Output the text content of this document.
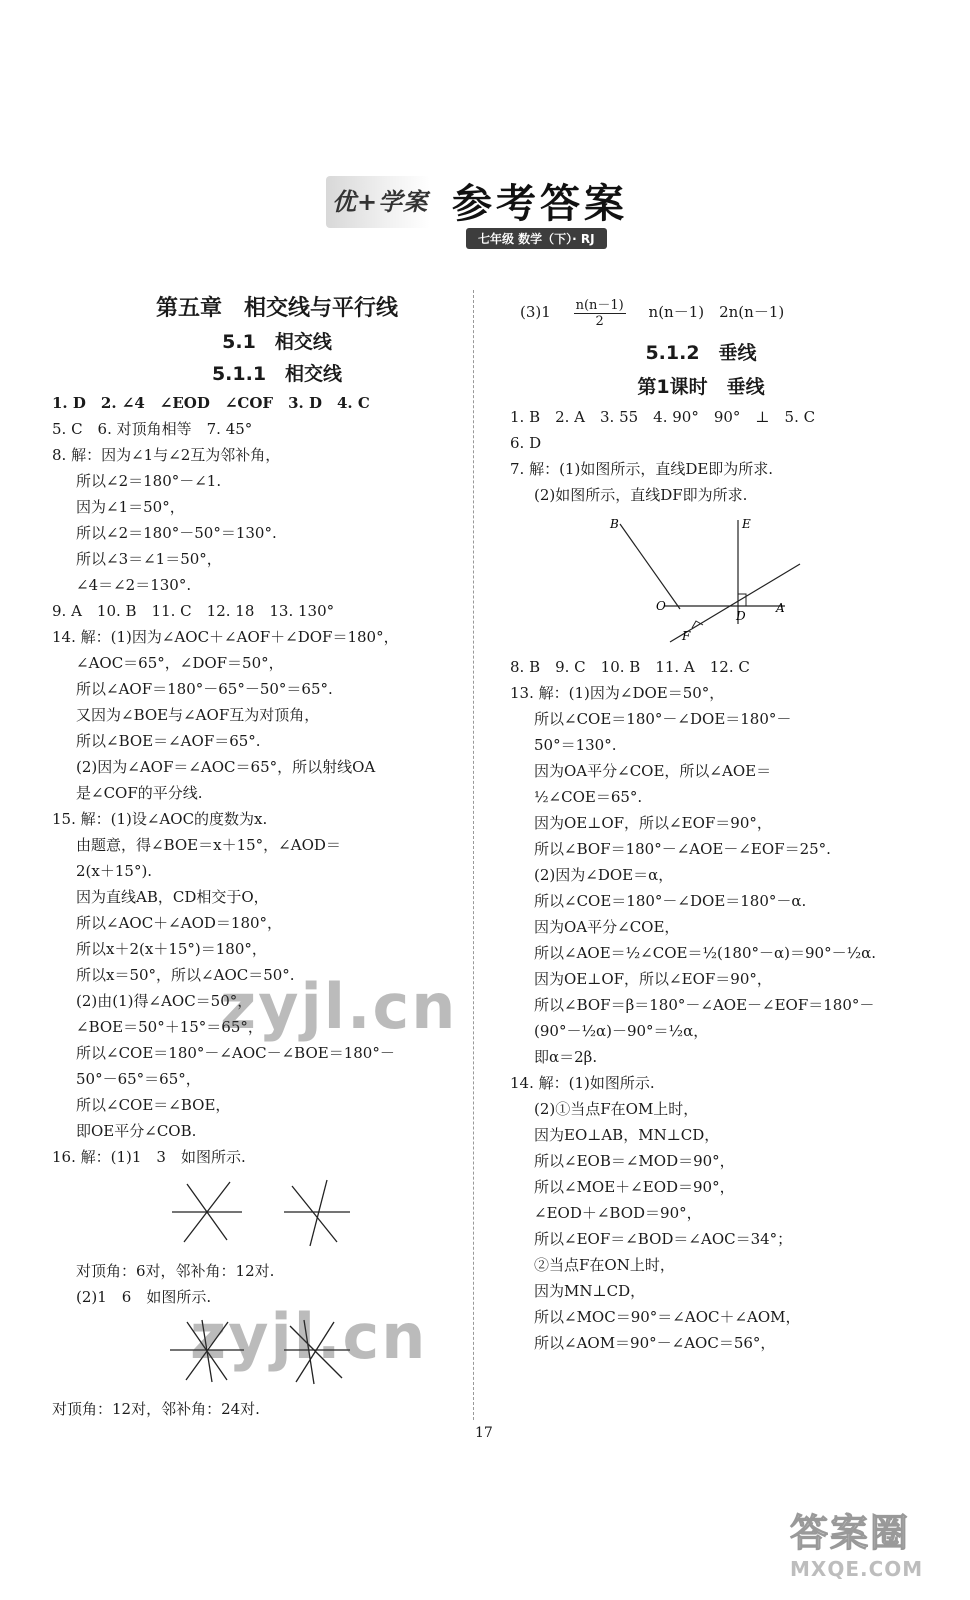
优+学案 参考答案
七年级 数学（下）· RJ
第五章　相交线与平行线
5.1　相交线
5.1.1　相交线
1. D　2. ∠4　∠EOD　∠COF　3. D　4. C
5. C　6. 对顶角相等　7. 45°
8. 解：因为∠1与∠2互为邻补角，
所以∠2＝180°－∠1.
因为∠1＝50°，
所以∠2＝180°－50°＝130°.
所以∠3＝∠1＝50°，
∠4＝∠2＝130°.
9. A　10. B　11. C　12. 18　13. 130°
14. 解：(1)因为∠AOC＋∠AOF＋∠DOF＝180°，
∠AOC＝65°，∠DOF＝50°，
所以∠AOF＝180°－65°－50°＝65°.
又因为∠BOE与∠AOF互为对顶角，
所以∠BOE＝∠AOF＝65°.
(2)因为∠AOF＝∠AOC＝65°，所以射线OA
是∠COF的平分线.
15. 解：(1)设∠AOC的度数为x.
由题意，得∠BOE＝x＋15°，∠AOD＝
2(x＋15°).
因为直线AB，CD相交于O，
所以∠AOC＋∠AOD＝180°，
所以x＋2(x＋15°)＝180°，
所以x＝50°，所以∠AOC＝50°.
(2)由(1)得∠AOC＝50°，
∠BOE＝50°＋15°＝65°，
所以∠COE＝180°－∠AOC－∠BOE＝180°－
50°－65°＝65°，
所以∠COE＝∠BOE，
即OE平分∠COB.
16. 解：(1)1　3　如图所示.
对顶角：6对，邻补角：12对.
(2)1　6　如图所示.
对顶角：12对，邻补角：24对.
$(3)1 \frac{n(n-1)}{2} n(n-1)$　2n(n－1)
5.1.2　垂线
第1课时　垂线
1. B　2. A　3. 55　4. 90°　90°　⊥　5. C
6. D
7. 解：(1)如图所示，直线DE即为所求.
(2)如图所示，直线DF即为所求.
B	E
O
D
A
F
8. B　9. C　10. B　11. A　12. C
13. 解：(1)因为∠DOE＝50°，
所以∠COE＝180°－∠DOE＝180°－
50°＝130°.
因为OA平分∠COE，所以∠AOE＝
½∠COE＝65°.
因为OE⊥OF，所以∠EOF＝90°，
所以∠BOF＝180°－∠AOE－∠EOF＝25°.
(2)因为∠DOE＝α，
所以∠COE＝180°－∠DOE＝180°－α.
因为OA平分∠COE，
所以∠AOE＝½∠COE＝½(180°－α)＝90°－½α.
因为OE⊥OF，所以∠EOF＝90°，
所以∠BOF＝β＝180°－∠AOE－∠EOF＝180°－
(90°－½α)－90°＝½α，
即α＝2β.
14. 解：(1)如图所示.
(2)①当点F在OM上时，
因为EO⊥AB，MN⊥CD，
所以∠EOB＝∠MOD＝90°，
所以∠MOE＋∠EOD＝90°，
∠EOD＋∠BOD＝90°，
所以∠EOF＝∠BOD＝∠AOC＝34°；
②当点F在ON上时，
因为MN⊥CD，
所以∠MOC＝90°＝∠AOC＋∠AOM，
所以∠AOM＝90°－∠AOC＝56°，
zyjl.cn
zyjl.cn
17
答案圈
MXQE.COM
